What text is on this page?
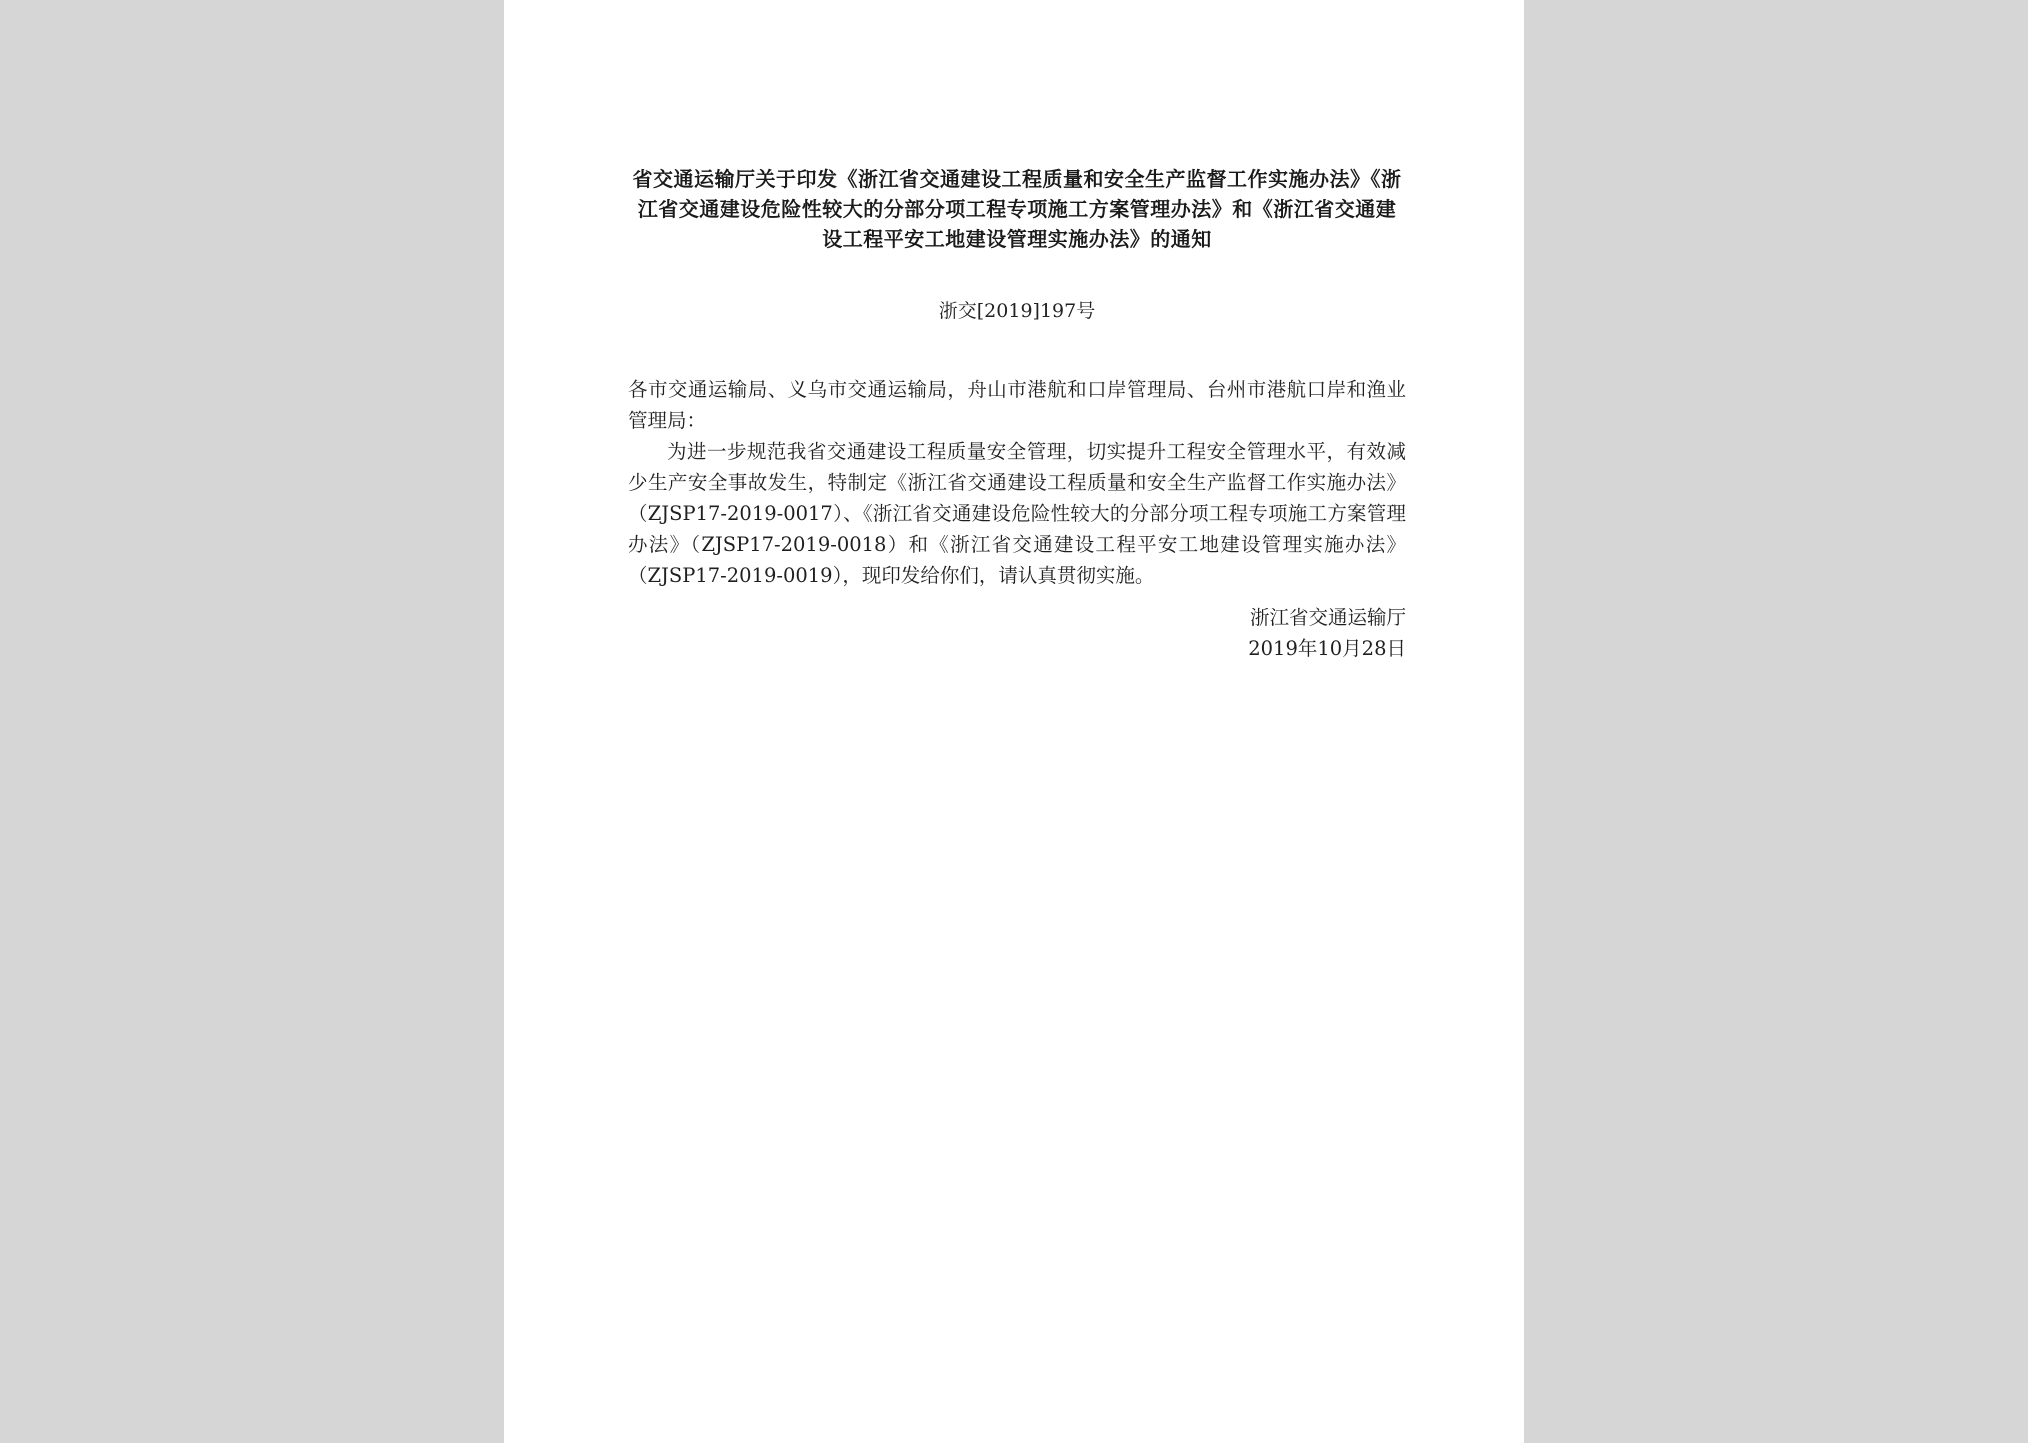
省交通运输厅关于印发《浙江省交通建设工程质量和安全生产监督工作实施办法》《浙江省交通建设危险性较大的分部分项工程专项施工方案管理办法》和《浙江省交通建设工程平安工地建设管理实施办法》的通知
浙交[2019]197号

各市交通运输局、义乌市交通运输局，舟山市港航和口岸管理局、台州市港航口岸和渔业管理局：

为进一步规范我省交通建设工程质量安全管理，切实提升工程安全管理水平，有效减少生产安全事故发生，特制定《浙江省交通建设工程质量和安全生产监督工作实施办法》（ZJSP17-2019-0017）、《浙江省交通建设危险性较大的分部分项工程专项施工方案管理办法》（ZJSP17-2019-0018）和《浙江省交通建设工程平安工地建设管理实施办法》（ZJSP17-2019-0019），现印发给你们，请认真贯彻实施。

浙江省交通运输厅
2019年10月28日
